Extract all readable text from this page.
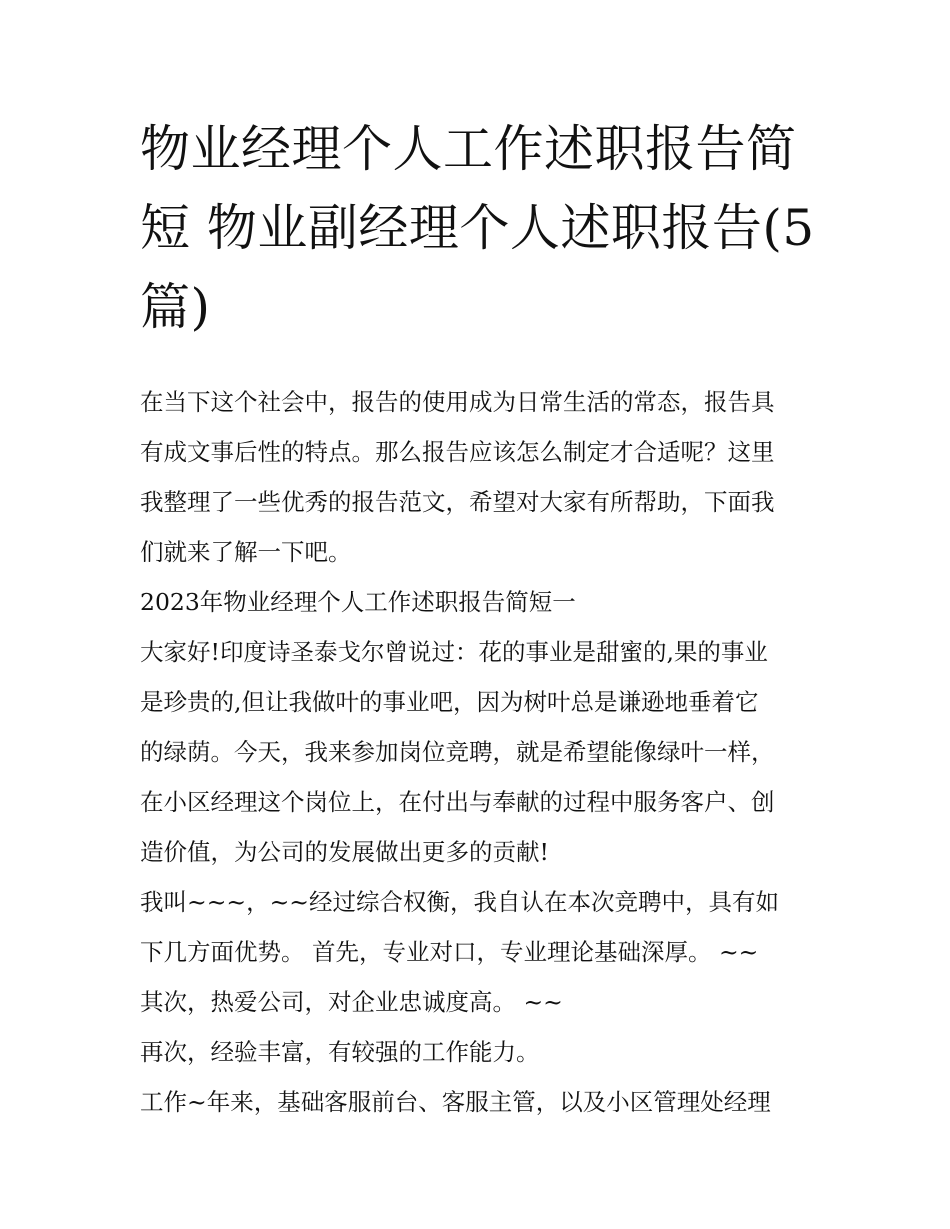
物业经理个人工作述职报告简
短 物业副经理个人述职报告(5
篇)
在当下这个社会中，报告的使用成为日常生活的常态，报告具
有成文事后性的特点。那么报告应该怎么制定才合适呢？这里
我整理了一些优秀的报告范文，希望对大家有所帮助，下面我
们就来了解一下吧。
2023年物业经理个人工作述职报告简短一
大家好!印度诗圣泰戈尔曾说过：花的事业是甜蜜的,果的事业
是珍贵的,但让我做叶的事业吧，因为树叶总是谦逊地垂着它
的绿荫。今天，我来参加岗位竞聘，就是希望能像绿叶一样，
在小区经理这个岗位上，在付出与奉献的过程中服务客户、创
造价值，为公司的发展做出更多的贡献!
我叫~~~，~~经过综合权衡，我自认在本次竞聘中，具有如
下几方面优势。 首先，专业对口，专业理论基础深厚。 ~~
其次，热爱公司，对企业忠诚度高。 ~~
再次，经验丰富，有较强的工作能力。
工作~年来，基础客服前台、客服主管，以及小区管理处经理
